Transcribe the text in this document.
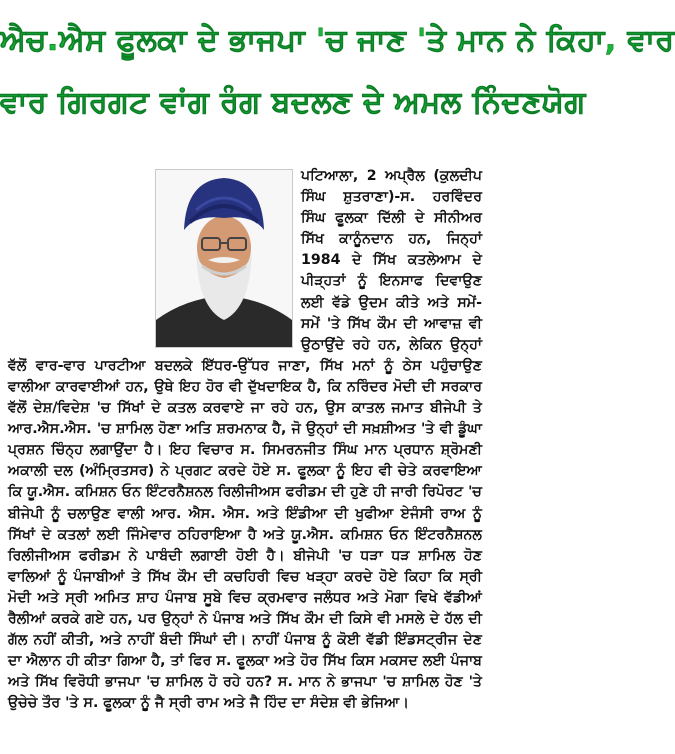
ਐਚ.ਐਸ ਫੂਲਕਾ ਦੇ ਭਾਜਪਾ 'ਚ ਜਾਣ 'ਤੇ ਮਾਨ ਨੇ ਕਿਹਾ, ਵਾਰ
ਵਾਰ ਗਿਰਗਟ ਵਾਂਗ ਰੰਗ ਬਦਲਣ ਦੇ ਅਮਲ ਨਿੰਦਣਯੋਗ

ਪਟਿਆਲਾ, 2 ਅਪ੍ਰੈਲ (ਕੁਲਦੀਪ ਸਿੰਘ ਸ਼ੁਤਰਾਣਾ)-ਸ. ਹਰਵਿੰਦਰ ਸਿੰਘ ਫੂਲਕਾ ਦਿੱਲੀ ਦੇ ਸੀਨੀਅਰ ਸਿੱਖ ਕਾਨੂੰਨਦਾਨ ਹਨ, ਜਿਨ੍ਹਾਂ 1984 ਦੇ ਸਿੱਖ ਕਤਲੇਆਮ ਦੇ ਪੀੜ੍ਹਤਾਂ ਨੂੰ ਇਨਸਾਫ ਦਿਵਾਉਣ ਲਈ ਵੱਡੇ ਉਦਮ ਕੀਤੇ ਅਤੇ ਸਮੇਂ-ਸਮੇਂ 'ਤੇ ਸਿੱਖ ਕੌਮ ਦੀ ਆਵਾਜ਼ ਵੀ ਉਠਾਉਂਦੇ ਰਹੇ ਹਨ, ਲੇਕਿਨ ਉਨ੍ਹਾਂ ਵੱਲੋਂ ਵਾਰ-ਵਾਰ ਪਾਰਟੀਆ ਬਦਲਕੇ ਇੱਧਰ-ਉੱਧਰ ਜਾਣਾ, ਸਿੱਖ ਮਨਾਂ ਨੂੰ ਠੇਸ ਪਹੁੰਚਾਉਣ ਵਾਲੀਆ ਕਾਰਵਾਈਆਂ ਹਨ, ਉਥੇ ਇਹ ਹੋਰ ਵੀ ਦੁੱਖਦਾਇਕ ਹੈ, ਕਿ ਨਰਿੰਦਰ ਮੋਦੀ ਦੀ ਸਰਕਾਰ ਵੱਲੋਂ ਦੇਸ਼/ਵਿਦੇਸ਼ 'ਚ ਸਿੱਖਾਂ ਦੇ ਕਤਲ ਕਰਵਾਏ ਜਾ ਰਹੇ ਹਨ, ਉਸ ਕਾਤਲ ਜਮਾਤ ਬੀਜੇਪੀ ਤੇ ਆਰ.ਐਸ.ਐਸ. 'ਚ ਸ਼ਾਮਿਲ ਹੋਣਾ ਅਤਿ ਸ਼ਰਮਨਾਕ ਹੈ, ਜੋ ਉਨ੍ਹਾਂ ਦੀ ਸਖ਼ਸ਼ੀਅਤ 'ਤੇ ਵੀ ਡੂੰਘਾ ਪ੍ਰਸ਼ਨ ਚਿੰਨ੍ਹ ਲਗਾਉਂਦਾ ਹੈ। ਇਹ ਵਿਚਾਰ ਸ. ਸਿਮਰਨਜੀਤ ਸਿੰਘ ਮਾਨ ਪ੍ਰਧਾਨ ਸ਼੍ਰੋਮਣੀ ਅਕਾਲੀ ਦਲ (ਅੰਮ੍ਰਿਤਸਰ) ਨੇ ਪ੍ਰਗਟ ਕਰਦੇ ਹੋਏ ਸ. ਫੂਲਕਾ ਨੂੰ ਇਹ ਵੀ ਚੇਤੇ ਕਰਵਾਇਆ ਕਿ ਯੂ.ਐਸ. ਕਮਿਸ਼ਨ ਓਨ ਇੰਟਰਨੈਸ਼ਨਲ ਰਿਲੀਜੀਅਸ ਫਰੀਡਮ ਦੀ ਹੁਣੇ ਹੀ ਜਾਰੀ ਰਿਪੋਰਟ 'ਚ ਬੀਜੇਪੀ ਨੂੰ ਚਲਾਉਣ ਵਾਲੀ ਆਰ. ਐਸ. ਐਸ. ਅਤੇ ਇੰਡੀਆ ਦੀ ਖੁਫੀਆ ਏਜੰਸੀ ਰਾਅ ਨੂੰ ਸਿੱਖਾਂ ਦੇ ਕਤਲਾਂ ਲਈ ਜਿੰਮੇਵਾਰ ਠਹਿਰਾਇਆ ਹੈ ਅਤੇ ਯੂ.ਐਸ. ਕਮਿਸ਼ਨ ਓਨ ਇੰਟਰਨੈਸ਼ਨਲ ਰਿਲੀਜੀਅਸ ਫਰੀਡਮ ਨੇ ਪਾਬੰਦੀ ਲਗਾਈ ਹੋਈ ਹੈ। ਬੀਜੇਪੀ 'ਚ ਧੜਾ ਧੜ ਸ਼ਾਮਿਲ ਹੋਣ ਵਾਲਿਆਂ ਨੂੰ ਪੰਜਾਬੀਆਂ ਤੇ ਸਿੱਖ ਕੌਮ ਦੀ ਕਚਹਿਰੀ ਵਿਚ ਖੜ੍ਹਾ ਕਰਦੇ ਹੋਏ ਕਿਹਾ ਕਿ ਸ੍ਰੀ ਮੋਦੀ ਅਤੇ ਸ੍ਰੀ ਅਮਿਤ ਸ਼ਾਹ ਪੰਜਾਬ ਸੂਬੇ ਵਿਚ ਕ੍ਰਮਵਾਰ ਜਲੰਧਰ ਅਤੇ ਮੋਗਾ ਵਿਖੇ ਵੱਡੀਆਂ ਰੈਲੀਆਂ ਕਰਕੇ ਗਏ ਹਨ, ਪਰ ਉਨ੍ਹਾਂ ਨੇ ਪੰਜਾਬ ਅਤੇ ਸਿੱਖ ਕੌਮ ਦੀ ਕਿਸੇ ਵੀ ਮਸਲੇ ਦੇ ਹੱਲ ਦੀ ਗੱਲ ਨਹੀਂ ਕੀਤੀ, ਅਤੇ ਨਾਹੀਂ ਬੰਦੀ ਸਿੰਘਾਂ ਦੀ। ਨਾਹੀਂ ਪੰਜਾਬ ਨੂੰ ਕੋਈ ਵੱਡੀ ਇੰਡਸਟ੍ਰੀਜ ਦੇਣ ਦਾ ਐਲਾਨ ਹੀ ਕੀਤਾ ਗਿਆ ਹੈ, ਤਾਂ ਫਿਰ ਸ. ਫੂਲਕਾ ਅਤੇ ਹੋਰ ਸਿੱਖ ਕਿਸ ਮਕਸਦ ਲਈ ਪੰਜਾਬ ਅਤੇ ਸਿੱਖ ਵਿਰੋਧੀ ਭਾਜਪਾ 'ਚ ਸ਼ਾਮਿਲ ਹੋ ਰਹੇ ਹਨ? ਸ. ਮਾਨ ਨੇ ਭਾਜਪਾ 'ਚ ਸ਼ਾਮਿਲ ਹੋਣ 'ਤੇ ਉਚੇਚੇ ਤੌਰ 'ਤੇ ਸ. ਫੂਲਕਾ ਨੂੰ ਜੈ ਸ੍ਰੀ ਰਾਮ ਅਤੇ ਜੈ ਹਿੰਦ ਦਾ ਸੰਦੇਸ਼ ਵੀ ਭੇਜਿਆ।
